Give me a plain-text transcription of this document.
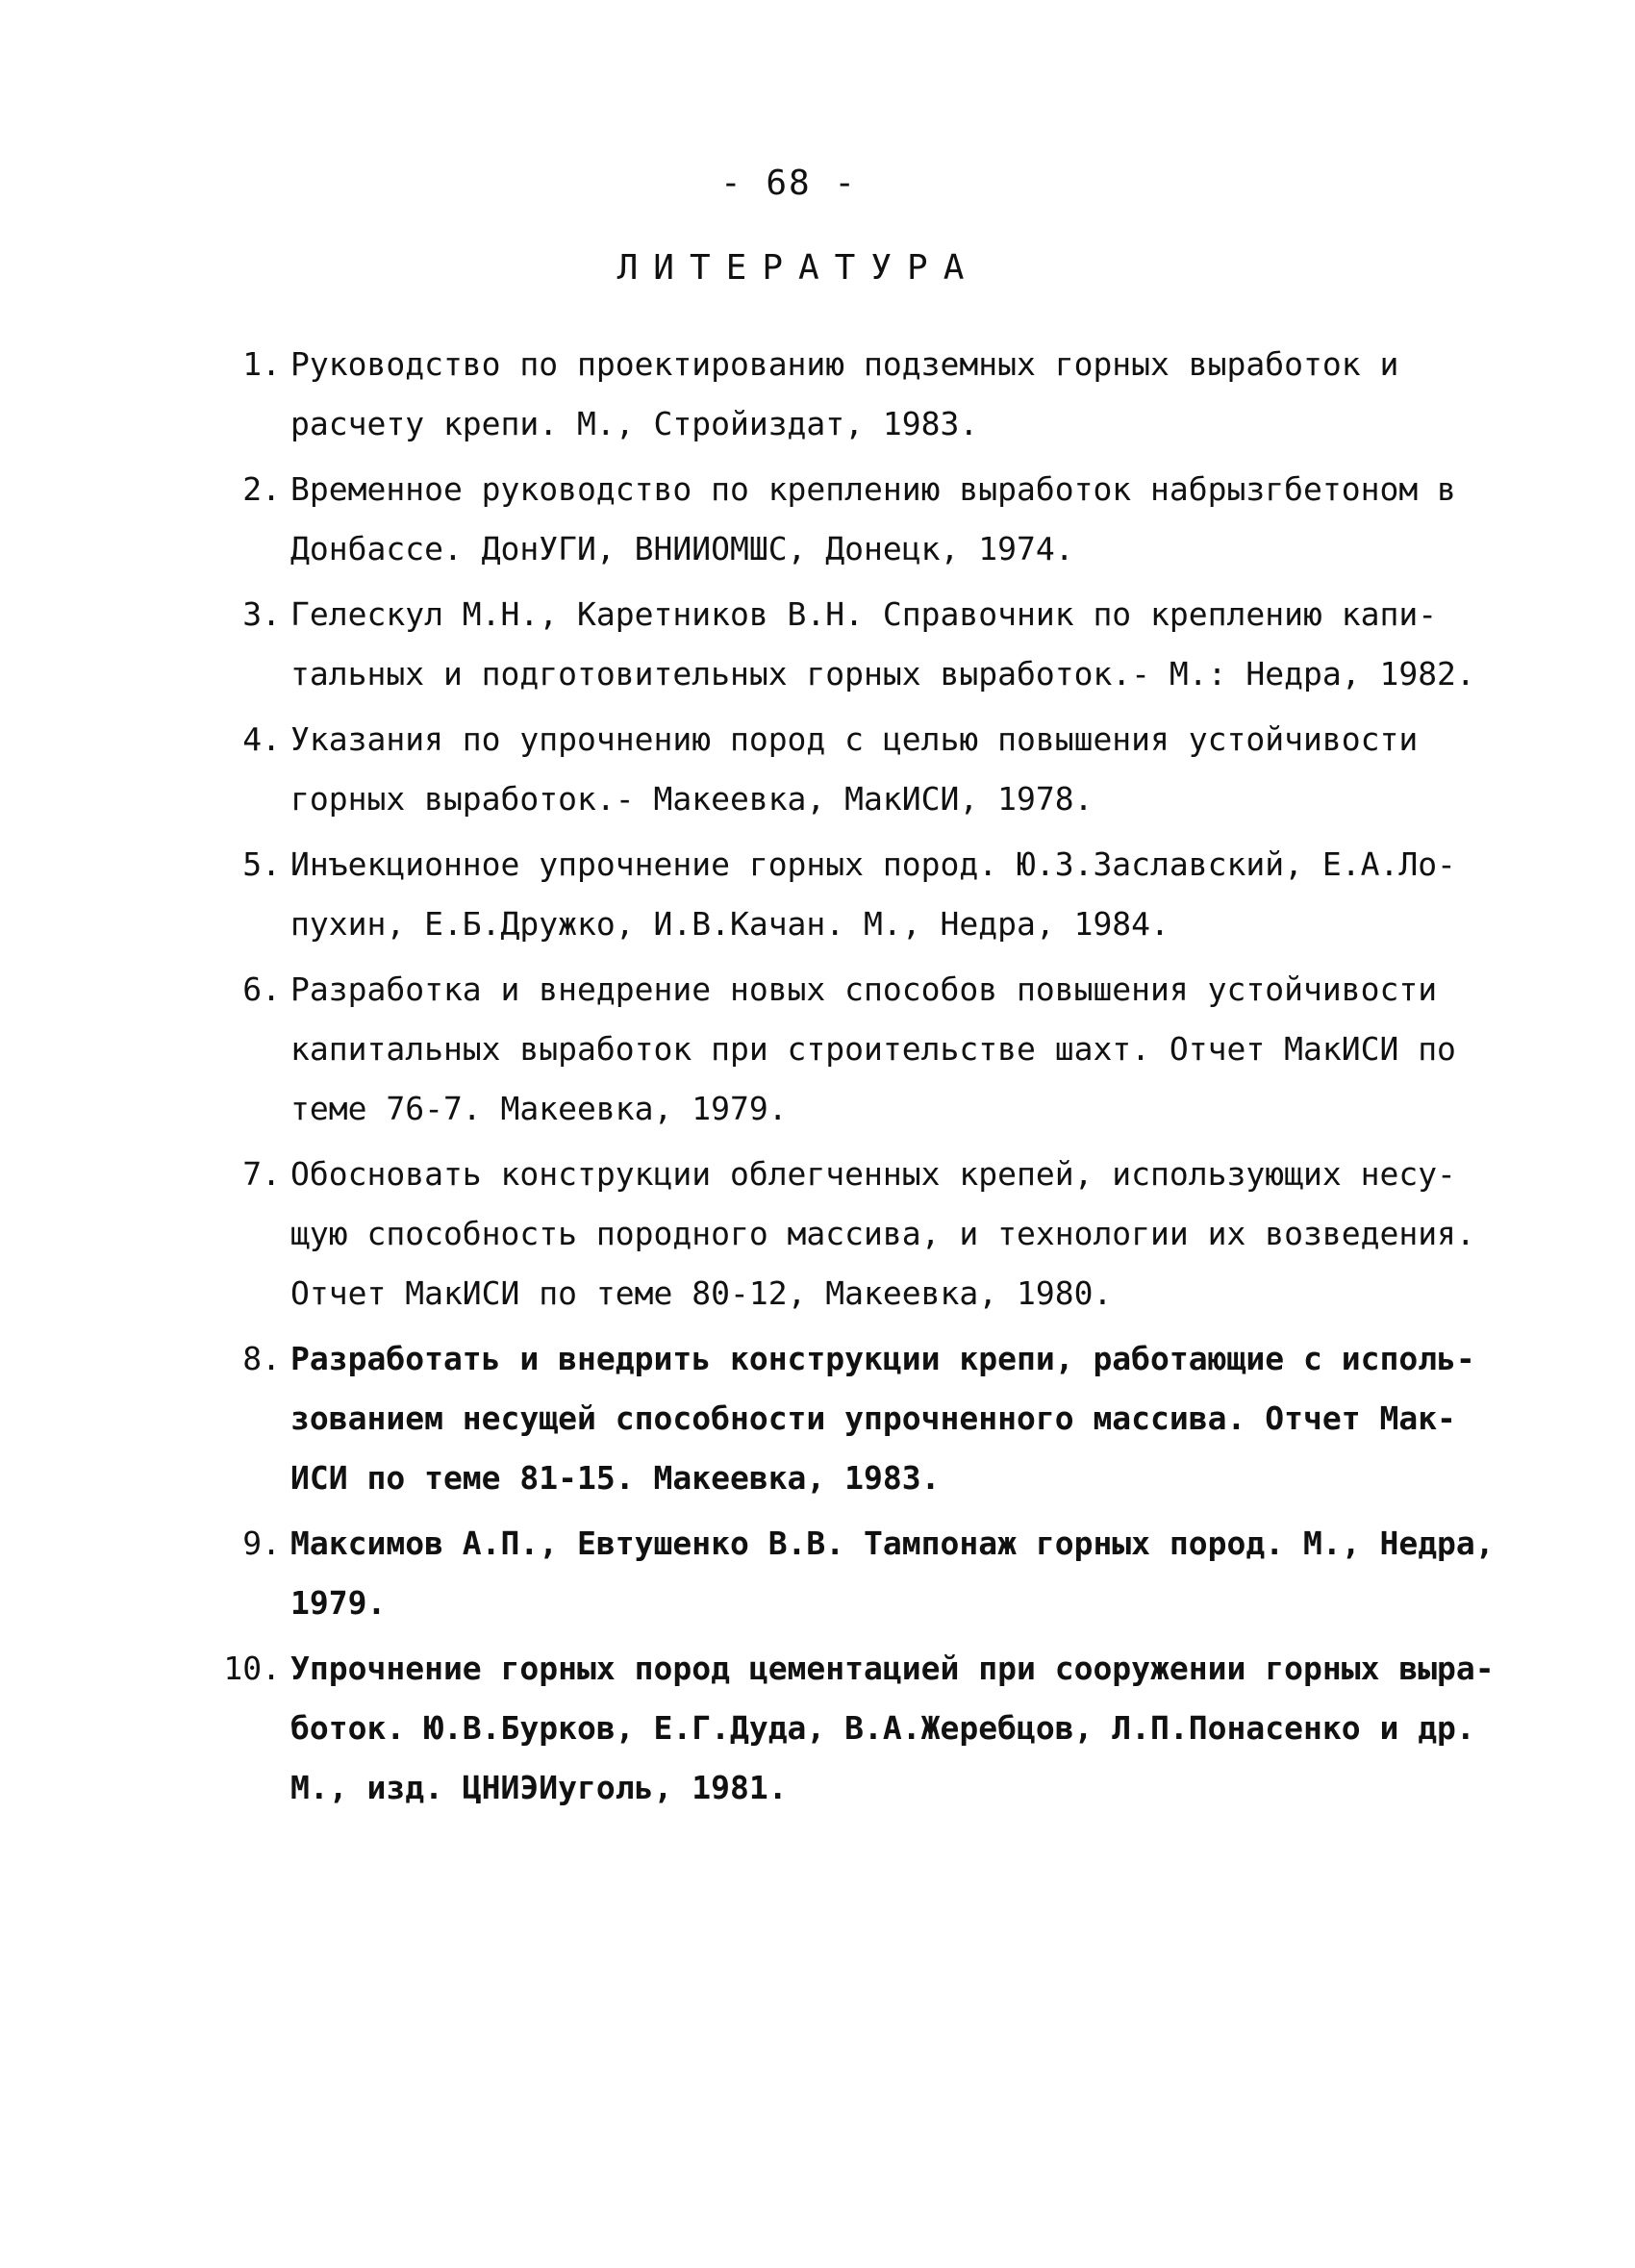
- 68 -
ЛИТЕРАТУРА
1. Руководство по проектированию подземных горных выработок и
расчету крепи. М., Стройиздат, 1983.
2. Временное руководство по креплению выработок набрызгбетоном в
Донбассе. ДонУГИ, ВНИИОМШС, Донецк, 1974.
3. Гелескул М.Н., Каретников В.Н. Справочник по креплению капи-
тальных и подготовительных горных выработок.- М.: Недра, 1982.
4. Указания по упрочнению пород с целью повышения устойчивости
горных выработок.- Макеевка, МакИСИ, 1978.
5. Инъекционное упрочнение горных пород. Ю.З.Заславский, Е.А.Ло-
пухин, Е.Б.Дружко, И.В.Качан. М., Недра, 1984.
6. Разработка и внедрение новых способов повышения устойчивости
капитальных выработок при строительстве шахт. Отчет МакИСИ по
теме 76-7. Макеевка, 1979.
7. Обосновать конструкции облегченных крепей, использующих несу-
щую способность породного массива, и технологии их возведения.
Отчет МакИСИ по теме 80-12, Макеевка, 1980.
8. Разработать и внедрить конструкции крепи, работающие с исполь-
зованием несущей способности упрочненного массива. Отчет Мак-
ИСИ по теме 81-15. Макеевка, 1983.
9. Максимов А.П., Евтушенко В.В. Тампонаж горных пород. М., Недра,
1979.
10. Упрочнение горных пород цементацией при сооружении горных выра-
боток. Ю.В.Бурков, Е.Г.Дуда, В.А.Жеребцов, Л.П.Понасенко и др.
М., изд. ЦНИЭИуголь, 1981.
